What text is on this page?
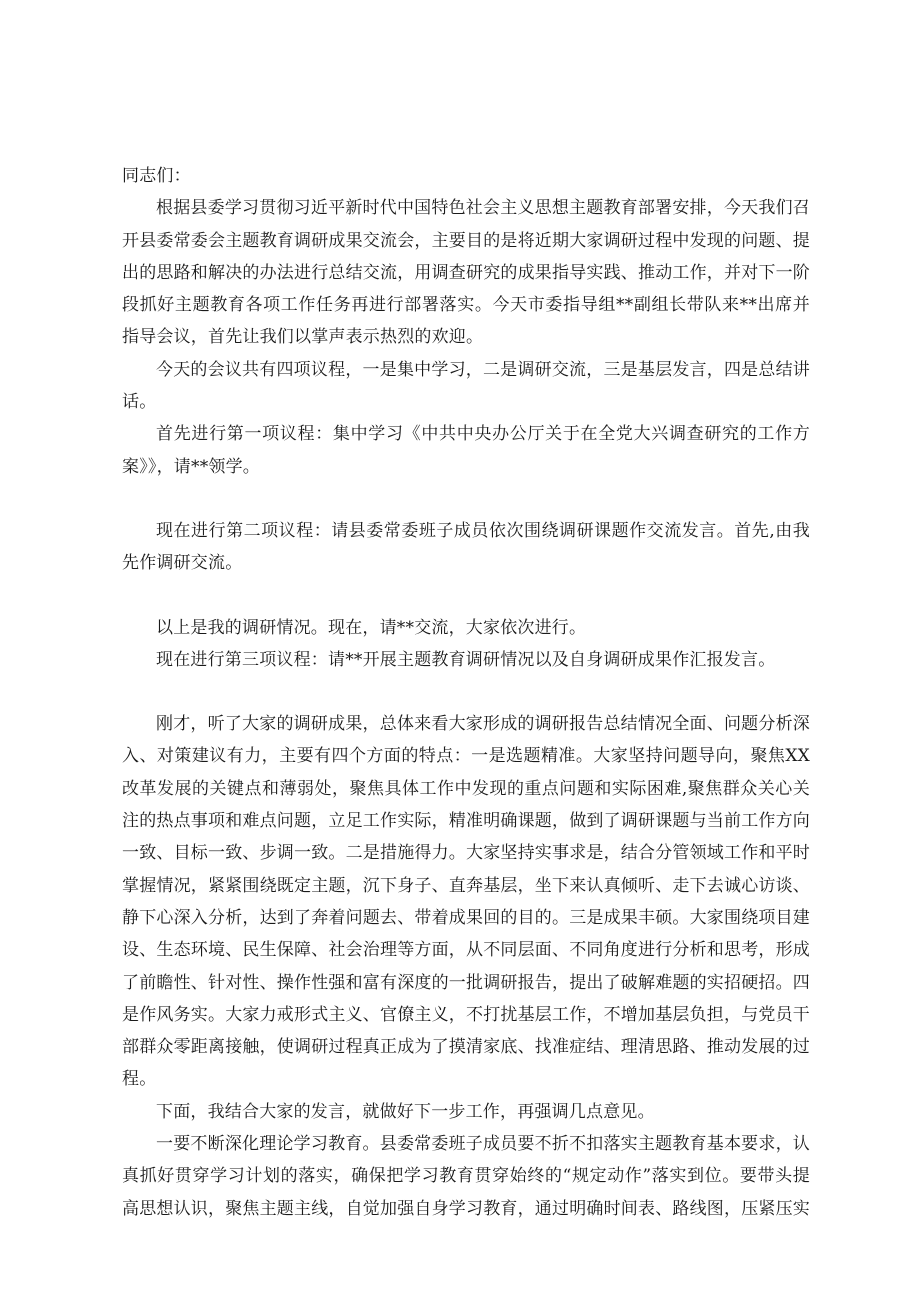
同志们：

根据县委学习贯彻习近平新时代中国特色社会主义思想主题教育部署安排，今天我们召开县委常委会主题教育调研成果交流会，主要目的是将近期大家调研过程中发现的问题、提出的思路和解决的办法进行总结交流，用调查研究的成果指导实践、推动工作，并对下一阶段抓好主题教育各项工作任务再进行部署落实。今天市委指导组**副组长带队来**出席并指导会议，首先让我们以掌声表示热烈的欢迎。

今天的会议共有四项议程，一是集中学习，二是调研交流，三是基层发言，四是总结讲话。

首先进行第一项议程：集中学习《中共中央办公厅关于在全党大兴调查研究的工作方案》》，请**领学。

现在进行第二项议程：请县委常委班子成员依次围绕调研课题作交流发言。首先,由我先作调研交流。

以上是我的调研情况。现在，请**交流，大家依次进行。

现在进行第三项议程：请**开展主题教育调研情况以及自身调研成果作汇报发言。

刚才，听了大家的调研成果，总体来看大家形成的调研报告总结情况全面、问题分析深入、对策建议有力，主要有四个方面的特点：一是选题精准。大家坚持问题导向，聚焦XX改革发展的关键点和薄弱处，聚焦具体工作中发现的重点问题和实际困难,聚焦群众关心关注的热点事项和难点问题，立足工作实际，精准明确课题，做到了调研课题与当前工作方向一致、目标一致、步调一致。二是措施得力。大家坚持实事求是，结合分管领域工作和平时掌握情况，紧紧围绕既定主题，沉下身子、直奔基层，坐下来认真倾听、走下去诚心访谈、静下心深入分析，达到了奔着问题去、带着成果回的目的。三是成果丰硕。大家围绕项目建设、生态环境、民生保障、社会治理等方面，从不同层面、不同角度进行分析和思考，形成了前瞻性、针对性、操作性强和富有深度的一批调研报告，提出了破解难题的实招硬招。四是作风务实。大家力戒形式主义、官僚主义，不打扰基层工作，不增加基层负担，与党员干部群众零距离接触，使调研过程真正成为了摸清家底、找准症结、理清思路、推动发展的过程。

下面，我结合大家的发言，就做好下一步工作，再强调几点意见。

一要不断深化理论学习教育。县委常委班子成员要不折不扣落实主题教育基本要求，认真抓好贯穿学习计划的落实，确保把学习教育贯穿始终的“规定动作”落实到位。要带头提高思想认识，聚焦主题主线，自觉加强自身学习教育，通过明确时间表、路线图，压紧压实
